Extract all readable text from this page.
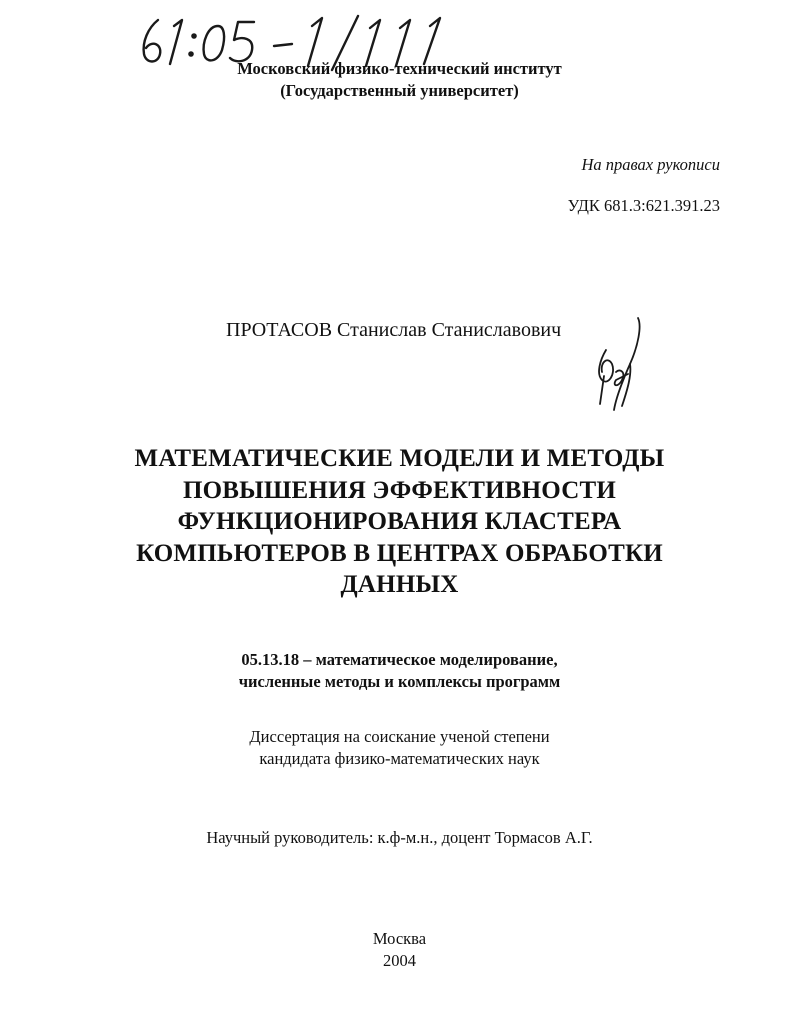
Московский физико-технический институт
(Государственный университет)
На правах рукописи
УДК 681.3:621.391.23
ПРОТАСОВ Станислав Станиславович
МАТЕМАТИЧЕСКИЕ МОДЕЛИ И МЕТОДЫ
ПОВЫШЕНИЯ ЭФФЕКТИВНОСТИ
ФУНКЦИОНИРОВАНИЯ КЛАСТЕРА
КОМПЬЮТЕРОВ В ЦЕНТРАХ ОБРАБОТКИ
ДАННЫХ
05.13.18 – математическое моделирование,
численные методы и комплексы программ
Диссертация на соискание ученой степени
кандидата физико-математических наук
Научный руководитель: к.ф-м.н., доцент Тормасов А.Г.
Москва
2004
